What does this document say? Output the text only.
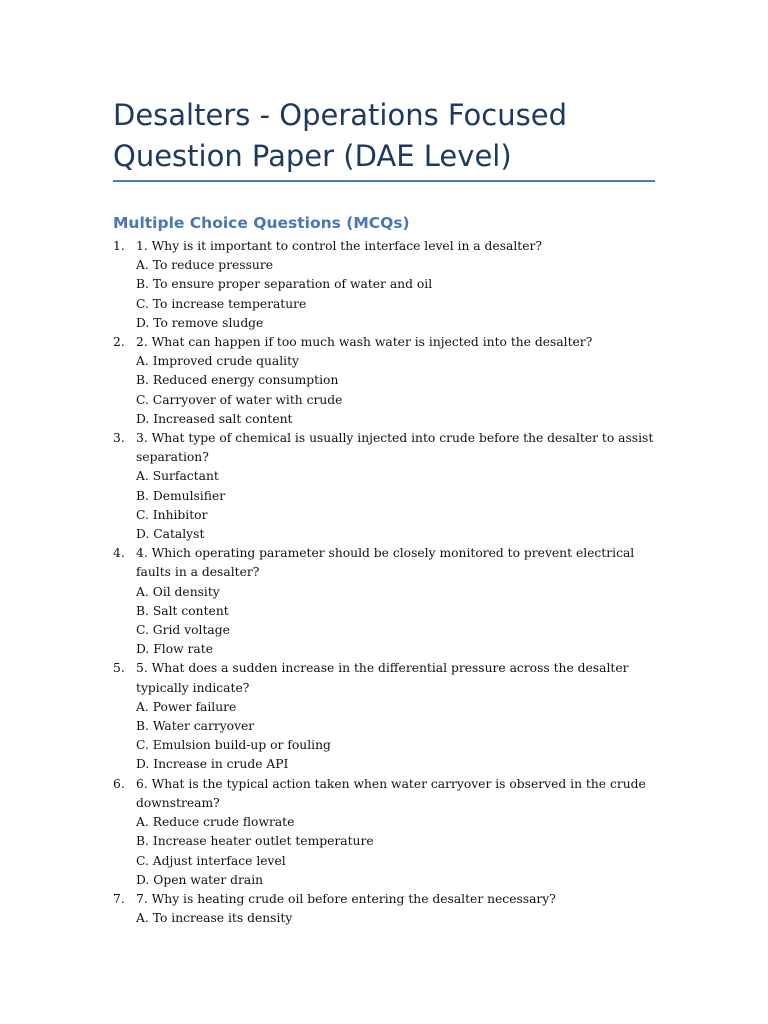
Desalters - Operations Focused Question Paper (DAE Level)
Multiple Choice Questions (MCQs)
1. 1. Why is it important to control the interface level in a desalter?
A. To reduce pressure
B. To ensure proper separation of water and oil
C. To increase temperature
D. To remove sludge
2. 2. What can happen if too much wash water is injected into the desalter?
A. Improved crude quality
B. Reduced energy consumption
C. Carryover of water with crude
D. Increased salt content
3. 3. What type of chemical is usually injected into crude before the desalter to assist separation?
A. Surfactant
B. Demulsifier
C. Inhibitor
D. Catalyst
4. 4. Which operating parameter should be closely monitored to prevent electrical faults in a desalter?
A. Oil density
B. Salt content
C. Grid voltage
D. Flow rate
5. 5. What does a sudden increase in the differential pressure across the desalter typically indicate?
A. Power failure
B. Water carryover
C. Emulsion build-up or fouling
D. Increase in crude API
6. 6. What is the typical action taken when water carryover is observed in the crude downstream?
A. Reduce crude flowrate
B. Increase heater outlet temperature
C. Adjust interface level
D. Open water drain
7. 7. Why is heating crude oil before entering the desalter necessary?
A. To increase its density
